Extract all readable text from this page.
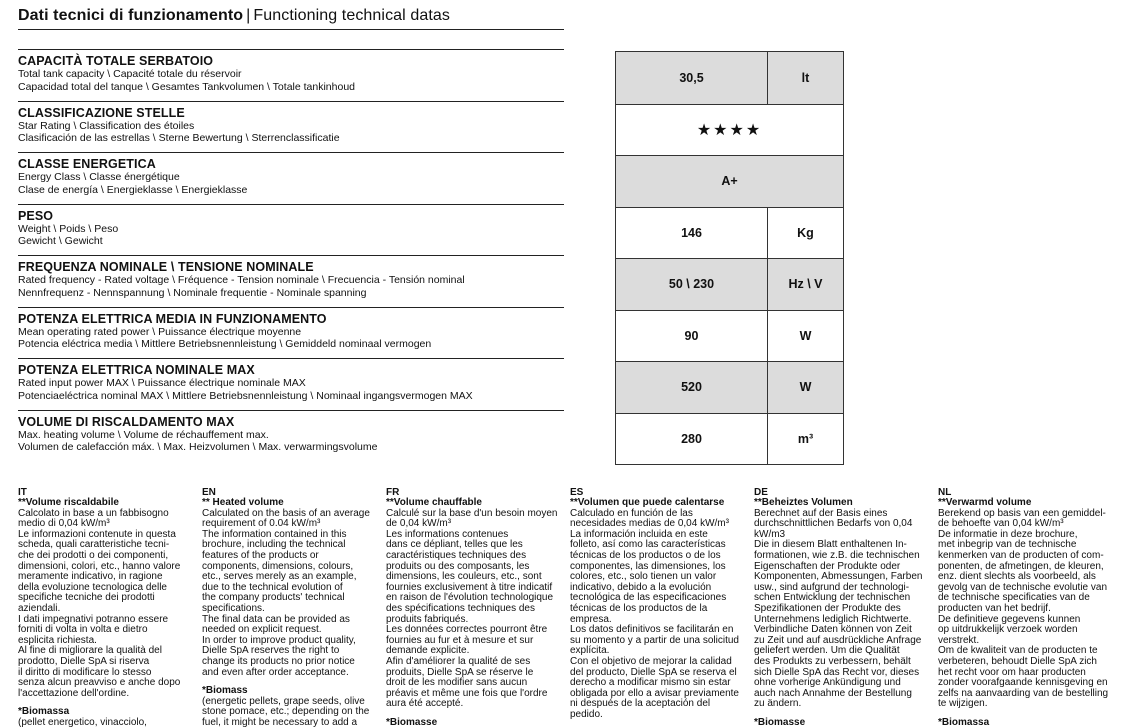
Dati tecnici di funzionamento | Functioning technical datas
CAPACITÀ TOTALE SERBATOIO
Total tank capacity \ Capacité totale du réservoir
Capacidad total del tanque \ Gesamtes Tankvolumen \ Totale tankinhoud
CLASSIFICAZIONE STELLE
Star Rating \ Classification des étoiles
Clasificación de las estrellas \ Sterne Bewertung \ Sterrenclassificatie
CLASSE ENERGETICA
Energy Class \ Classe énergétique
Clase de energía \ Energieklasse \ Energieklasse
PESO
Weight \ Poids \ Peso
Gewicht \ Gewicht
FREQUENZA NOMINALE \ TENSIONE NOMINALE
Rated frequency - Rated voltage \ Fréquence - Tension nominale \ Frecuencia - Tensión nominal
Nennfrequenz - Nennspannung \ Nominale frequentie - Nominale spanning
POTENZA ELETTRICA MEDIA IN FUNZIONAMENTO
Mean operating rated power \ Puissance électrique moyenne
Potencia eléctrica media \ Mittlere Betriebsnennleistung \ Gemiddeld nominaal vermogen
POTENZA ELETTRICA NOMINALE MAX
Rated input power MAX \ Puissance électrique nominale MAX
Potenciaeléctrica nominal MAX \ Mittlere Betriebsnennleistung \ Nominaal ingangsvermogen MAX
VOLUME DI RISCALDAMENTO MAX
Max. heating volume \ Volume de réchauffement max.
Volumen de calefacción máx. \ Max. Heizvolumen \ Max. verwarmingsvolume
30,5	lt
★★★★
A+
146	Kg
50 \ 230	Hz \ V
90	W
520	W
280	m³
IT
**Volume riscaldabile

Calcolato in base a un fabbisogno
medio di 0,04 kW/m³
Le informazioni contenute in questa
scheda, quali caratteristiche tecni-
che dei prodotti o dei componenti,
dimensioni, colori, etc., hanno valore
meramente indicativo, in ragione
della evoluzione tecnologica delle
specifiche tecniche dei prodotti
aziendali.
I dati impegnativi potranno essere
forniti di volta in volta e dietro
esplicita richiesta.
Al fine di migliorare la qualità del
prodotto, Dielle SpA si riserva
il diritto di modificare lo stesso
senza alcun preavviso e anche dopo
l'accettazione dell'ordine.

*Biomassa

(pellet energetico, vinacciolo,

EN
** Heated volume

Calculated on the basis of an average
requirement of 0.04 kW/m³
The information contained in this
brochure, including the technical
features of the products or
components, dimensions, colours,
etc., serves merely as an example,
due to the technical evolution of
the company products' technical
specifications.
The final data can be provided as
needed on explicit request.
In order to improve product quality,
Dielle SpA reserves the right to
change its products no prior notice
and even after order acceptance.

*Biomass

(energetic pellets, grape seeds, olive
stone pomace, etc.; depending on the
fuel, it might be necessary to add a

FR
**Volume chauffable

Calculé sur la base d'un besoin moyen
de 0,04 kW/m³
Les informations contenues
dans ce dépliant, telles que les
caractéristiques techniques des
produits ou des composants, les
dimensions, les couleurs, etc., sont
fournies exclusivement à titre indicatif
en raison de l'évolution technologique
des spécifications techniques des
produits fabriqués.
Les données correctes pourront être
fournies au fur et à mesure et sur
demande explicite.
Afin d'améliorer la qualité de ses
produits, Dielle SpA se réserve le
droit de les modifier sans aucun
préavis et même une fois que l'ordre
aura été accepté.

*Biomasse

ES
**Volumen que puede calentarse

Calculado en función de las
necesidades medias de 0,04 kW/m³
La información incluida en este
folleto, así como las características
técnicas de los productos o de los
componentes, las dimensiones, los
colores, etc., solo tienen un valor
indicativo, debido a la evolución
tecnológica de las especificaciones
técnicas de los productos de la
empresa.
Los datos definitivos se facilitarán en
su momento y a partir de una solicitud
explícita.
Con el objetivo de mejorar la calidad
del producto, Dielle SpA se reserva el
derecho a modificar mismo sin estar
obligada por ello a avisar previamente
ni después de la aceptación del
pedido.

DE
**Beheiztes Volumen

Berechnet auf der Basis eines
durchschnittlichen Bedarfs von 0,04
kW/m3
Die in diesem Blatt enthaltenen In-
formationen, wie z.B. die technischen
Eigenschaften der Produkte oder
Komponenten, Abmessungen, Farben
usw., sind aufgrund der technologi-
schen Entwicklung der technischen
Spezifikationen der Produkte des
Unternehmens lediglich Richtwerte.
Verbindliche Daten können von Zeit
zu Zeit und auf ausdrückliche Anfrage
geliefert werden. Um die Qualität
des Produkts zu verbessern, behält
sich Dielle SpA das Recht vor, dieses
ohne vorherige Ankündigung und
auch nach Annahme der Bestellung
zu ändern.

*Biomasse
NL
**Verwarmd volume

Berekend op basis van een gemiddel-
de behoefte van 0,04 kW/m³
De informatie in deze brochure,
met inbegrip van de technische
kenmerken van de producten of com-
ponenten, de afmetingen, de kleuren,
enz. dient slechts als voorbeeld, als
gevolg van de technische evolutie van
de technische specificaties van de
producten van het bedrijf.
De definitieve gegevens kunnen
op uitdrukkelijk verzoek worden
verstrekt.
Om de kwaliteit van de producten te
verbeteren, behoudt Dielle SpA zich
het recht voor om haar producten
zonder voorafgaande kennisgeving en
zelfs na aanvaarding van de bestelling
te wijzigen.

*Biomassa
